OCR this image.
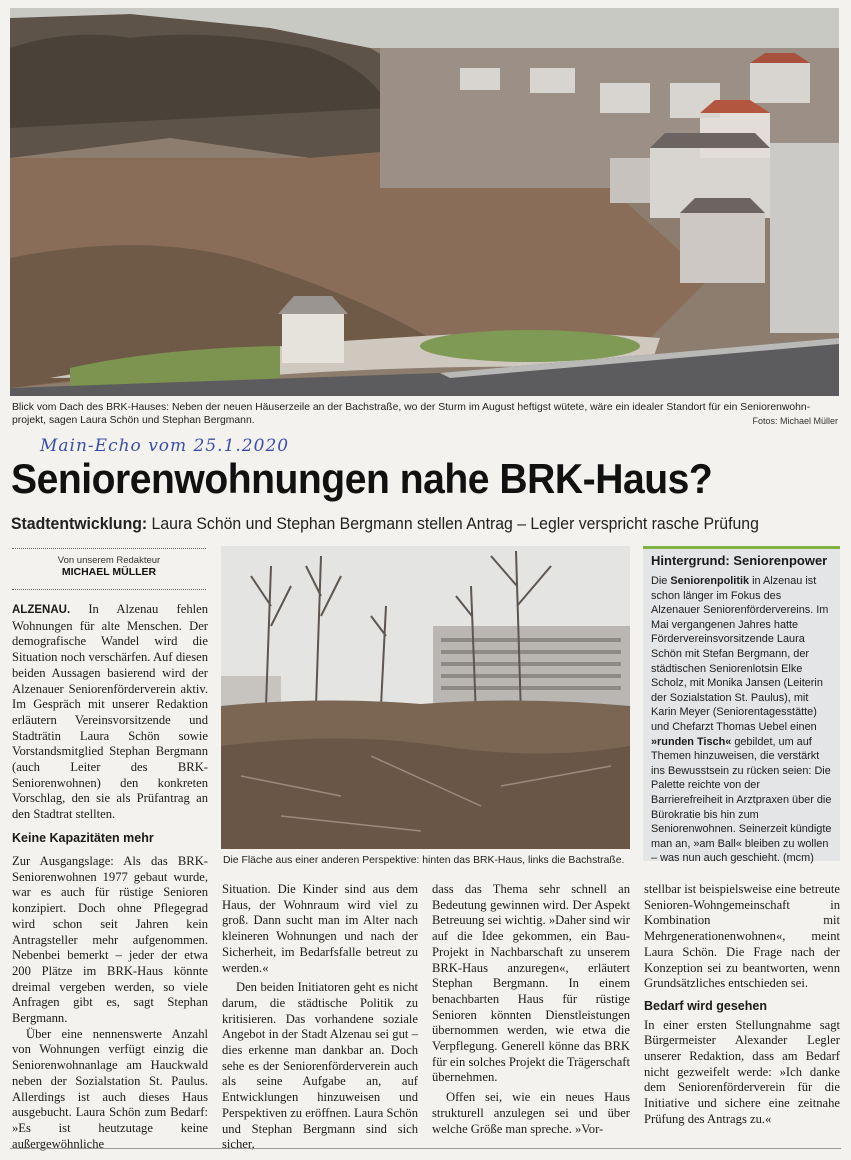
Blick vom Dach des BRK-Hauses: Neben der neuen Häuserzeile an der Bachstraße, wo der Sturm im August heftigst wütete, wäre ein idealer Standort für ein Seniorenwohn-projekt, sagen Laura Schön und Stephan Bergmann.	Fotos: Michael Müller
Main-Echo vom 25.1.2020
Seniorenwohnungen nahe BRK-Haus?
Stadtentwicklung: Laura Schön und Stephan Bergmann stellen Antrag – Legler verspricht rasche Prüfung
Von unserem Redakteur
MICHAEL MÜLLER

ALZENAU. In Alzenau fehlen Wohnungen für alte Menschen. Der demografische Wandel wird die Situation noch verschärfen. Auf diesen beiden Aussagen basierend wird der Alzenauer Seniorenförderverein aktiv. Im Gespräch mit unserer Redaktion erläutern Vereinsvorsitzende und Stadträtin Laura Schön sowie Vorstandsmitglied Stephan Bergmann (auch Leiter des BRK-Seniorenwohnen) den konkreten Vorschlag, den sie als Prüfantrag an den Stadtrat stellten.

Keine Kapazitäten mehr

Die Fläche aus einer anderen Perspektive: hinten das BRK-Haus, links die Bachstraße.
Hintergrund: Seniorenpower
Die Seniorenpolitik in Alzenau ist schon länger im Fokus des Alzenauer Seniorenfördervereins. Im Mai vergangenen Jahres hatte Fördervereinsvorsitzende Laura Schön mit Stefan Bergmann, der städtischen Seniorenlotsin Elke Scholz, mit Monika Jansen (Leiterin der Sozialstation St. Paulus), mit Karin Meyer (Seniorentagesstätte) und Chefarzt Thomas Uebel einen »runden Tisch« gebildet, um auf Themen hinzuweisen, die verstärkt ins Bewusstsein zu rücken seien: Die Palette reichte von der Barrierefreiheit in Arztpraxen über die Bürokratie bis hin zum Seniorenwohnen. Seinerzeit kündigte man an, »am Ball« bleiben zu wollen – was nun auch geschieht. (mcm)

Zur Ausgangslage: Als das BRK-Seniorenwohnen 1977 gebaut wurde, war es auch für rüstige Senioren konzipiert. Doch ohne Pflegegrad wird schon seit Jahren kein Antragsteller mehr aufgenommen. Nebenbei bemerkt – jeder der etwa 200 Plätze im BRK-Haus könnte dreimal vergeben werden, so viele Anfragen gibt es, sagt Stephan Bergmann.

Über eine nennenswerte Anzahl von Wohnungen verfügt einzig die Seniorenwohnanlage am Hauckwald neben der Sozialstation St. Paulus. Allerdings ist auch dieses Haus ausgebucht. Laura Schön zum Bedarf: »Es ist heutzutage keine außergewöhnliche

Situation. Die Kinder sind aus dem Haus, der Wohnraum wird viel zu groß. Dann sucht man im Alter nach kleineren Wohnungen und nach der Sicherheit, im Bedarfsfalle betreut zu werden.«

Den beiden Initiatoren geht es nicht darum, die städtische Politik zu kritisieren. Das vorhandene soziale Angebot in der Stadt Alzenau sei gut – dies erkenne man dankbar an. Doch sehe es der Seniorenförderverein auch als seine Aufgabe an, auf Entwicklungen hinzuweisen und Perspektiven zu eröffnen. Laura Schön und Stephan Bergmann sind sich sicher,

dass das Thema sehr schnell an Bedeutung gewinnen wird. Der Aspekt Betreuung sei wichtig. »Daher sind wir auf die Idee gekommen, ein Bau-Projekt in Nachbarschaft zu unserem BRK-Haus anzuregen«, erläutert Stephan Bergmann. In einem benachbarten Haus für rüstige Senioren könnten Dienstleistungen übernommen werden, wie etwa die Verpflegung. Generell könne das BRK für ein solches Projekt die Trägerschaft übernehmen.

Offen sei, wie ein neues Haus strukturell anzulegen sei und über welche Größe man spreche. »Vor-

stellbar ist beispielsweise eine betreute Senioren-Wohngemeinschaft in Kombination mit Mehrgenerationenwohnen«, meint Laura Schön. Die Frage nach der Konzeption sei zu beantworten, wenn Grundsätzliches entschieden sei.

Bedarf wird gesehen

In einer ersten Stellungnahme sagt Bürgermeister Alexander Legler unserer Redaktion, dass am Bedarf nicht gezweifelt werde: »Ich danke dem Seniorenförderverein für die Initiative und sichere eine zeitnahe Prüfung des Antrags zu.«
